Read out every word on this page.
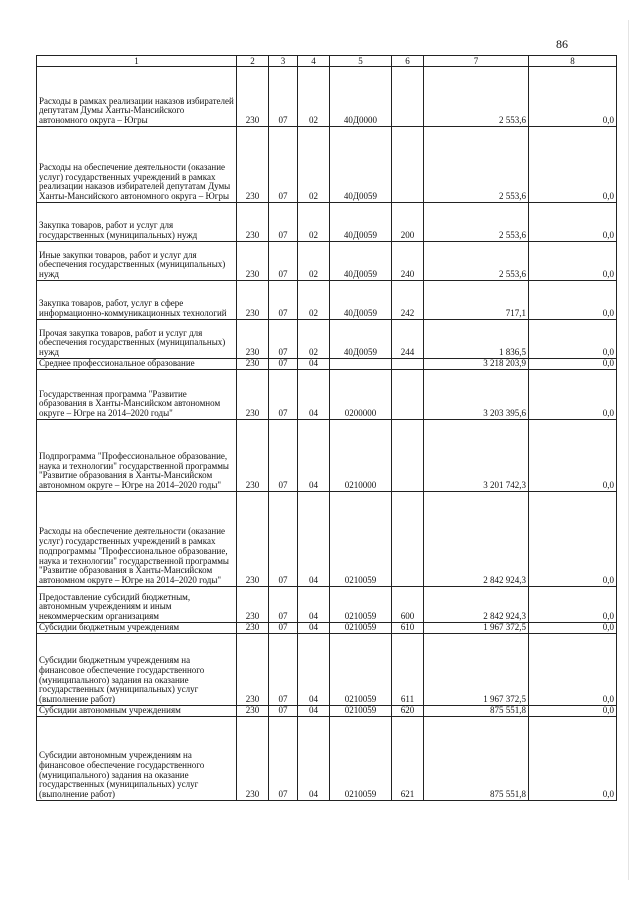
86
1	2	3	4	5	6	7	8
Расходы в рамках реализации наказов избирателей депутатам Думы Ханты-Мансийского автономного округа – Югры	230	07	02	40Д0000		2 553,6	0,0
Расходы на обеспечение деятельности (оказание услуг) государственных учреждений в рамках реализации наказов избирателей депутатам Думы Ханты-Мансийского автономного округа – Югры	230	07	02	40Д0059		2 553,6	0,0
Закупка товаров, работ и услуг для государственных (муниципальных) нужд	230	07	02	40Д0059	200	2 553,6	0,0
Иные закупки товаров, работ и услуг для обеспечения государственных (муниципальных) нужд	230	07	02	40Д0059	240	2 553,6	0,0
Закупка товаров, работ, услуг в сфере информационно-коммуникационных технологий	230	07	02	40Д0059	242	717,1	0,0
Прочая закупка товаров, работ и услуг для обеспечения государственных (муниципальных) нужд	230	07	02	40Д0059	244	1 836,5	0,0
Среднее профессиональное образование	230	07	04			3 218 203,9	0,0
Государственная программа "Развитие образования в Ханты-Мансийском автономном округе – Югре на 2014–2020 годы"	230	07	04	0200000		3 203 395,6	0,0
Подпрограмма "Профессиональное образование, наука и технологии" государственной программы "Развитие образования в Ханты-Мансийском автономном округе – Югре на 2014–2020 годы"	230	07	04	0210000		3 201 742,3	0,0
Расходы на обеспечение деятельности (оказание услуг) государственных учреждений в рамках подпрограммы "Профессиональное образование, наука и технологии" государственной программы "Развитие образования в Ханты-Мансийском автономном округе – Югре на 2014–2020 годы"	230	07	04	0210059		2 842 924,3	0,0
Предоставление субсидий бюджетным, автономным учреждениям и иным некоммерческим организациям	230	07	04	0210059	600	2 842 924,3	0,0
Субсидии бюджетным учреждениям	230	07	04	0210059	610	1 967 372,5	0,0
Субсидии бюджетным учреждениям на финансовое обеспечение государственного (муниципального) задания на оказание государственных (муниципальных) услуг (выполнение работ)	230	07	04	0210059	611	1 967 372,5	0,0
Субсидии автономным учреждениям	230	07	04	0210059	620	875 551,8	0,0
Субсидии автономным учреждениям на финансовое обеспечение государственного (муниципального) задания на оказание государственных (муниципальных) услуг (выполнение работ)	230	07	04	0210059	621	875 551,8	0,0
